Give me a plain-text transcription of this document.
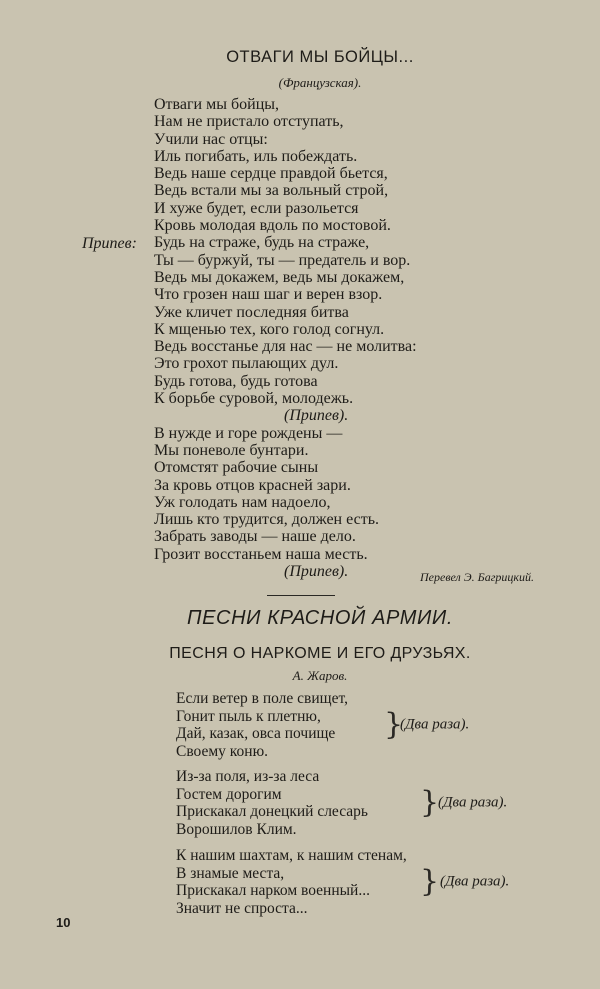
ОТВАГИ МЫ БОЙЦЫ...
(Французская).
Припев:
Отваги мы бойцы,
Нам не пристало отступать,
Учили нас отцы:
Иль погибать, иль побеждать.
Ведь наше сердце правдой бьется,
Ведь встали мы за вольный строй,
И хуже будет, если разольется
Кровь молодая вдоль по мостовой.
Будь на страже, будь на страже,
Ты — буржуй, ты — предатель и вор.
Ведь мы докажем, ведь мы докажем,
Что грозен наш шаг и верен взор.
Уже кличет последняя битва
К мщенью тех, кого голод согнул.
Ведь восстанье для нас — не молитва:
Это грохот пылающих дул.
Будь готова, будь готова
К борьбе суровой, молодежь.
(Припев).
В нужде и горе рождены —
Мы поневоле бунтари.
Отомстят рабочие сыны
За кровь отцов красней зари.
Уж голодать нам надоело,
Лишь кто трудится, должен есть.
Забрать заводы — наше дело.
Грозит восстаньем наша месть.
(Припев).	Перевел Э. Багрицкий.
ПЕСНИ КРАСНОЙ АРМИИ.
ПЕСНЯ О НАРКОМЕ И ЕГО ДРУЗЬЯХ.
А. Жаров.
Если ветер в поле свищет,
Гонит пыль к плетню,
Дай, казак, овса почище
Своему коню.
}
(Два раза).
Из-за поля, из-за леса
Гостем дорогим
Прискакал донецкий слесарь
Ворошилов Клим.
}
(Два раза).
К нашим шахтам, к нашим стенам,
В знамые места,
Прискакал нарком военный...
Значит не спроста...
} (Два раза).
10
